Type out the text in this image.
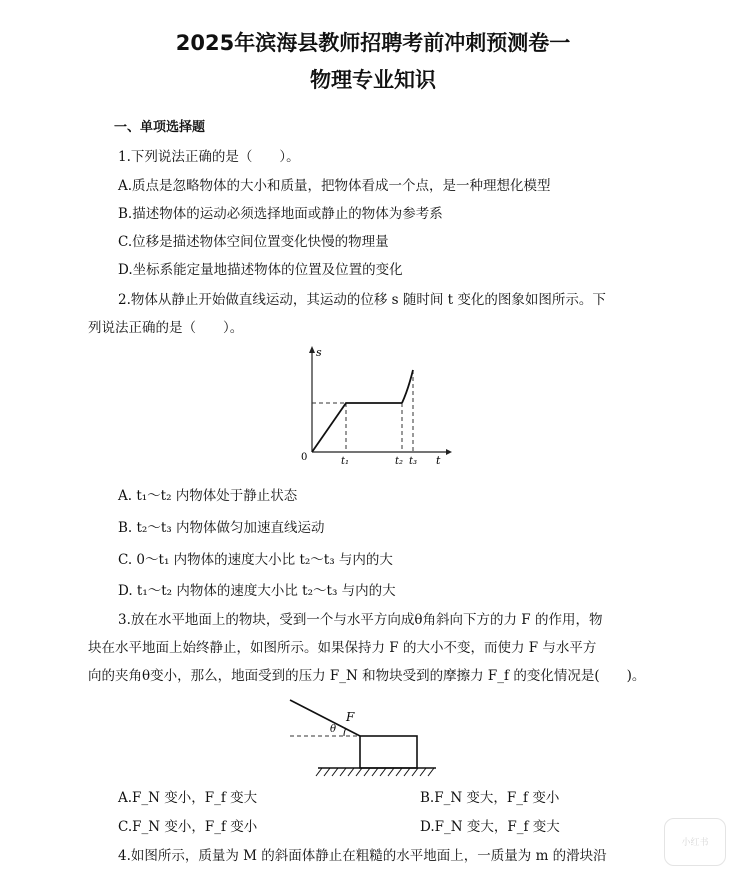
2025年滨海县教师招聘考前冲刺预测卷一
物理专业知识

一、单项选择题

1.下列说法正确的是（　　）。

A.质点是忽略物体的大小和质量，把物体看成一个点，是一种理想化模型

B.描述物体的运动必须选择地面或静止的物体为参考系

C.位移是描述物体空间位置变化快慢的物理量

D.坐标系能定量地描述物体的位置及位置的变化

2.物体从静止开始做直线运动，其运动的位移 s 随时间 t 变化的图象如图所示。下

列说法正确的是（　　）。

s
t
0	t₁	t₂ t₃

A. t₁～t₂ 内物体处于静止状态

B. t₂～t₃ 内物体做匀加速直线运动

C. 0～t₁ 内物体的速度大小比 t₂～t₃ 与内的大

D. t₁～t₂ 内物体的速度大小比 t₂～t₃ 与内的大

3.放在水平地面上的物块，受到一个与水平方向成θ角斜向下方的力 F 的作用，物

块在水平地面上始终静止，如图所示。如果保持力 F 的大小不变，而使力 F 与水平方

向的夹角θ变小，那么，地面受到的压力 F_N 和物块受到的摩擦力 F_f 的变化情况是(　　)。

F
θ

A.F_N 变小，F_f 变大	B.F_N 变大，F_f 变小

C.F_N 变小，F_f 变小	D.F_N 变大，F_f 变大

4.如图所示，质量为 M 的斜面体静止在粗糙的水平地面上，一质量为 m 的滑块沿

小红书
